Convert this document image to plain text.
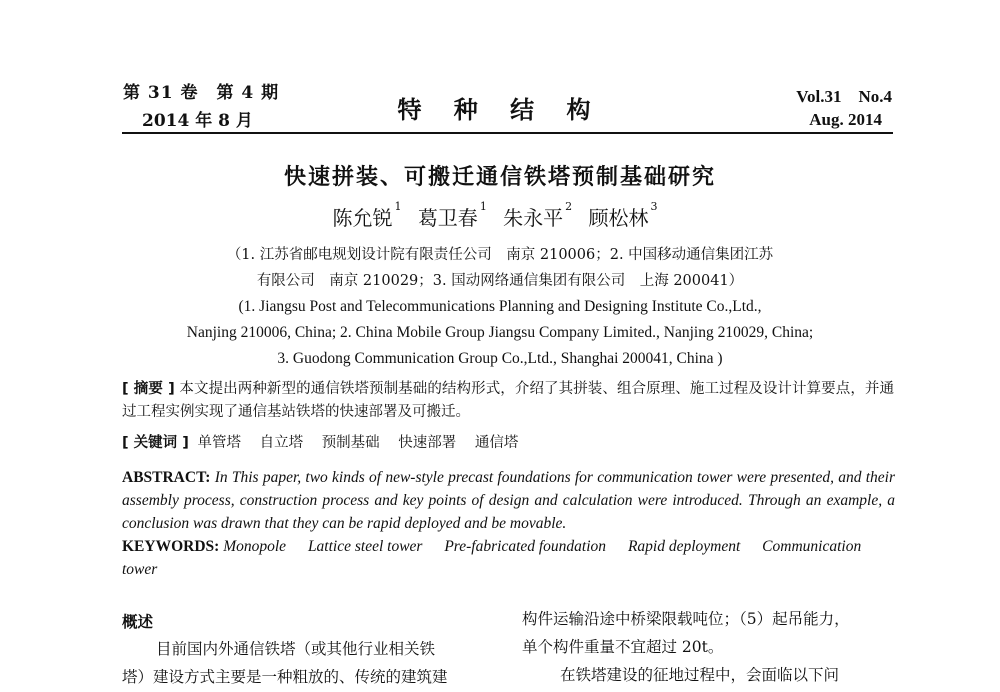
第 31 卷　第 4 期
2014 年 8 月	特 种 结 构	Vol.31　No.4
Aug. 2014
快速拼装、可搬迁通信铁塔预制基础研究
陈允锐 $^1$ 葛卫春 $^1$ 朱永平 $^2$ 顾松林 $^3$
（1. 江苏省邮电规划设计院有限责任公司　南京 210006；2. 中国移动通信集团江苏
有限公司　南京 210029；3. 国动网络通信集团有限公司　上海 200041）
(1. Jiangsu Post and Telecommunications Planning and Designing Institute Co.,Ltd.,
Nanjing 210006, China; 2. China Mobile Group Jiangsu Company Limited., Nanjing 210029, China;
3. Guodong Communication Group Co.,Ltd., Shanghai 200041, China )
[ 摘要 ] 本文提出两种新型的通信铁塔预制基础的结构形式，介绍了其拼装、组合原理、施工过程及设计计算要点，并通过工程实例实现了通信基站铁塔的快速部署及可搬迁。
[ 关键词 ] 单管塔 自立塔 预制基础 快速部署 通信塔
ABSTRACT: In This paper, two kinds of new-style precast foundations for communication tower were presented, and their assembly process, construction process and key points of design and calculation were introduced. Through an example, a conclusion was drawn that they can be rapid deployed and be movable.
KEYWORDS: Monopole Lattice steel tower Pre-fabricated foundation Rapid deployment Communication tower
概述
目前国内外通信铁塔（或其他行业相关铁
塔）建设方式主要是一种粗放的、传统的建筑建
构件运输沿途中桥梁限载吨位；（5）起吊能力，
单个构件重量不宜超过 20t。
在铁塔建设的征地过程中，会面临以下问
